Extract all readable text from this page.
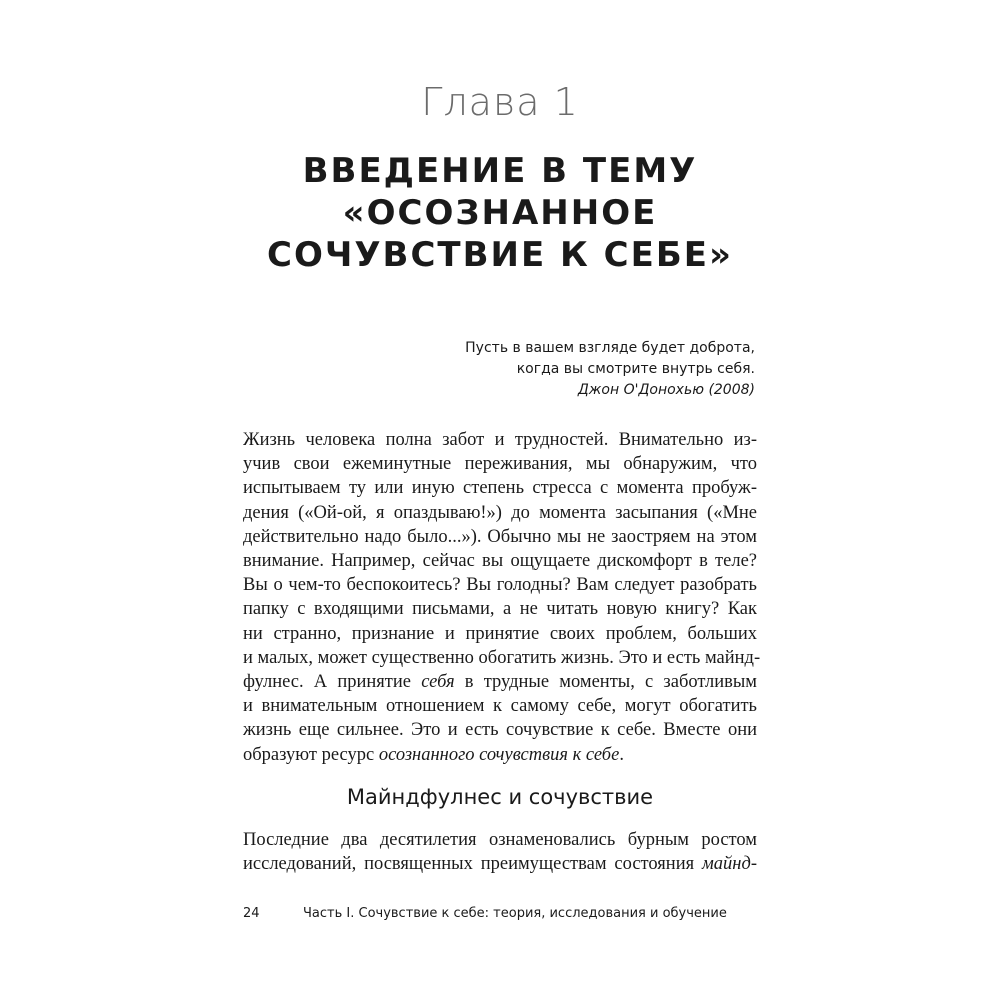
Глава 1
ВВЕДЕНИЕ В ТЕМУ
«ОСОЗНАННОЕ
СОЧУВСТВИЕ К СЕБЕ»
Пусть в вашем взгляде будет доброта,
когда вы смотрите внутрь себя.
Джон О'Донохью (2008)
Жизнь человека полна забот и трудностей. Внимательно из-
учив свои ежеминутные переживания, мы обнаружим, что
испытываем ту или иную степень стресса с момента пробуж-
дения («Ой-ой, я опаздываю!») до момента засыпания («Мне
действительно надо было...»). Обычно мы не заостряем на этом
внимание. Например, сейчас вы ощущаете дискомфорт в теле?
Вы о чем-то беспокоитесь? Вы голодны? Вам следует разобрать
папку с входящими письмами, а не читать новую книгу? Как
ни странно, признание и принятие своих проблем, больших
и малых, может существенно обогатить жизнь. Это и есть майнд-
фулнес. А принятие себя в трудные моменты, с заботливым
и внимательным отношением к самому себе, могут обогатить
жизнь еще сильнее. Это и есть сочувствие к себе. Вместе они
образуют ресурс осознанного сочувствия к себе.
Майндфулнес и сочувствие
Последние два десятилетия ознаменовались бурным ростом
исследований, посвященных преимуществам состояния майнд-
24	Часть I. Сочувствие к себе: теория, исследования и обучение
